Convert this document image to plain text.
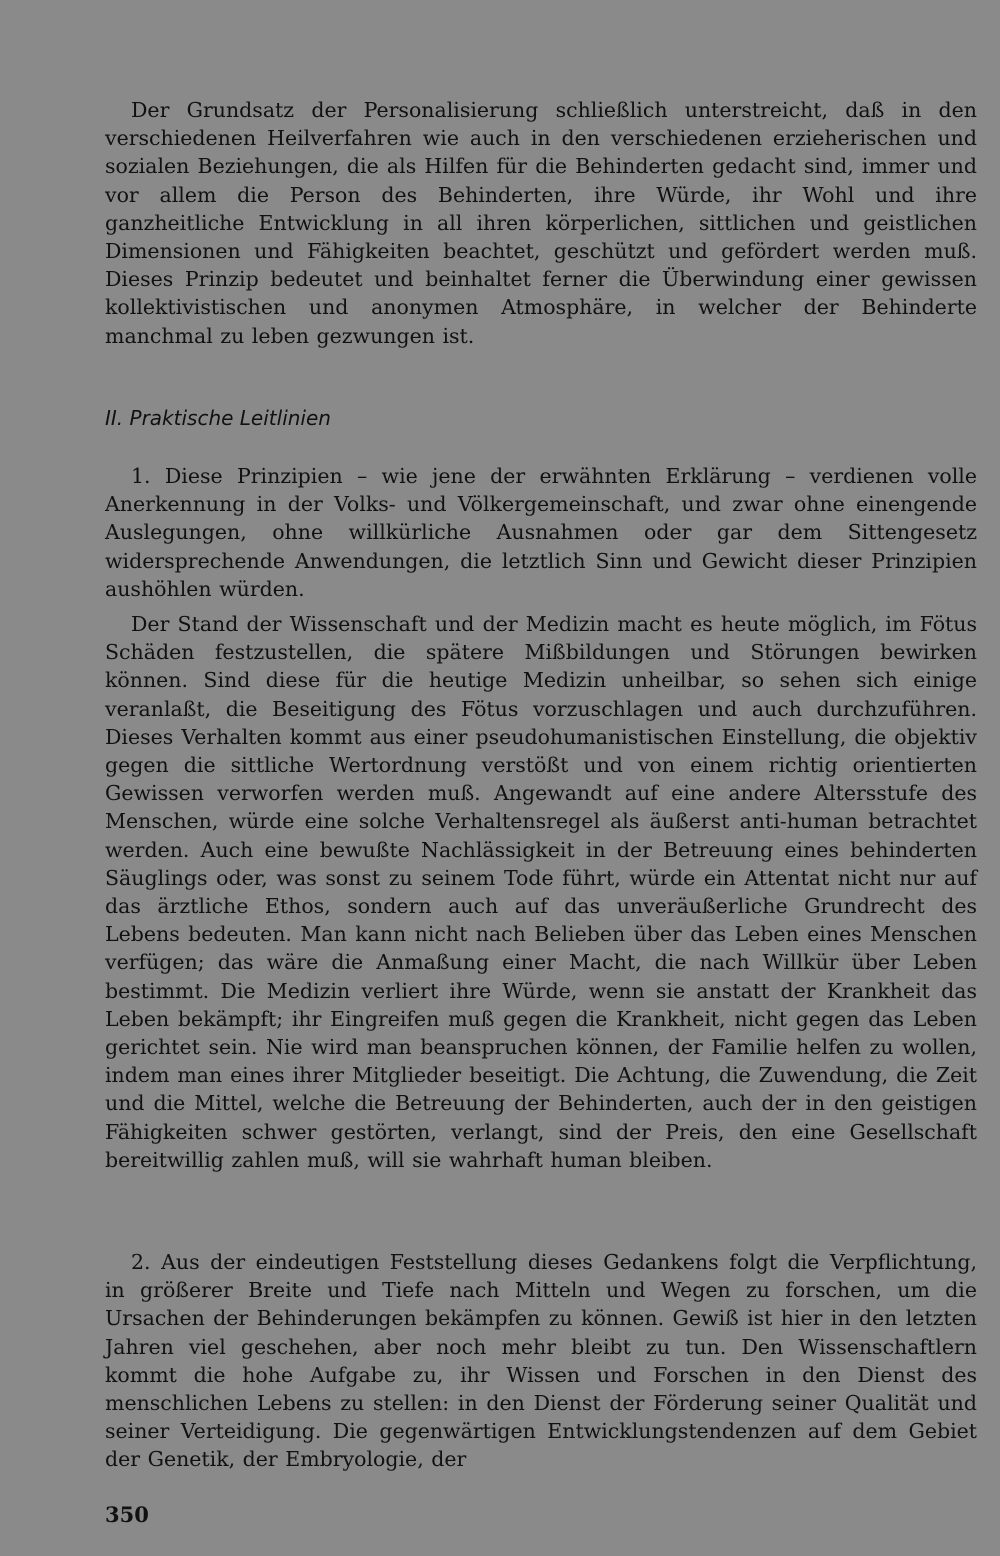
Der Grundsatz der Personalisierung schließlich unterstreicht, daß in den verschiedenen Heilverfahren wie auch in den verschiedenen erzieherischen und sozialen Beziehungen, die als Hilfen für die Behinderten gedacht sind, immer und vor allem die Person des Behinderten, ihre Würde, ihr Wohl und ihre ganzheitliche Entwicklung in all ihren körperlichen, sittlichen und geistlichen Dimensionen und Fähigkeiten beachtet, geschützt und gefördert werden muß. Dieses Prinzip bedeutet und beinhaltet ferner die Überwindung einer gewissen kollektivistischen und anonymen Atmosphäre, in welcher der Behinderte manchmal zu leben gezwungen ist.

II. Praktische Leitlinien

1. Diese Prinzipien – wie jene der erwähnten Erklärung – verdienen volle Anerkennung in der Volks- und Völkergemeinschaft, und zwar ohne einengende Auslegungen, ohne willkürliche Ausnahmen oder gar dem Sittengesetz widersprechende Anwendungen, die letztlich Sinn und Gewicht dieser Prinzipien aushöhlen würden.

Der Stand der Wissenschaft und der Medizin macht es heute möglich, im Fötus Schäden festzustellen, die spätere Mißbildungen und Störungen bewirken können. Sind diese für die heutige Medizin unheilbar, so sehen sich einige veranlaßt, die Beseitigung des Fötus vorzuschlagen und auch durchzuführen. Dieses Verhalten kommt aus einer pseudohumanistischen Einstellung, die objektiv gegen die sittliche Wertordnung verstößt und von einem richtig orientierten Gewissen verworfen werden muß. Angewandt auf eine andere Altersstufe des Menschen, würde eine solche Verhaltensregel als äußerst anti-human betrachtet werden. Auch eine bewußte Nachlässigkeit in der Betreuung eines behinderten Säuglings oder, was sonst zu seinem Tode führt, würde ein Attentat nicht nur auf das ärztliche Ethos, sondern auch auf das unveräußerliche Grundrecht des Lebens bedeuten. Man kann nicht nach Belieben über das Leben eines Menschen verfügen; das wäre die Anmaßung einer Macht, die nach Willkür über Leben bestimmt. Die Medizin verliert ihre Würde, wenn sie anstatt der Krankheit das Leben bekämpft; ihr Eingreifen muß gegen die Krankheit, nicht gegen das Leben gerichtet sein. Nie wird man beanspruchen können, der Familie helfen zu wollen, indem man eines ihrer Mitglieder beseitigt. Die Achtung, die Zuwendung, die Zeit und die Mittel, welche die Betreuung der Behinderten, auch der in den geistigen Fähigkeiten schwer gestörten, verlangt, sind der Preis, den eine Gesellschaft bereitwillig zahlen muß, will sie wahrhaft human bleiben.

2. Aus der eindeutigen Feststellung dieses Gedankens folgt die Verpflichtung, in größerer Breite und Tiefe nach Mitteln und Wegen zu forschen, um die Ursachen der Behinderungen bekämpfen zu können. Gewiß ist hier in den letzten Jahren viel geschehen, aber noch mehr bleibt zu tun. Den Wissenschaftlern kommt die hohe Aufgabe zu, ihr Wissen und Forschen in den Dienst des menschlichen Lebens zu stellen: in den Dienst der Förderung seiner Qualität und seiner Verteidigung. Die gegenwärtigen Entwicklungstendenzen auf dem Gebiet der Genetik, der Embryologie, der

350
